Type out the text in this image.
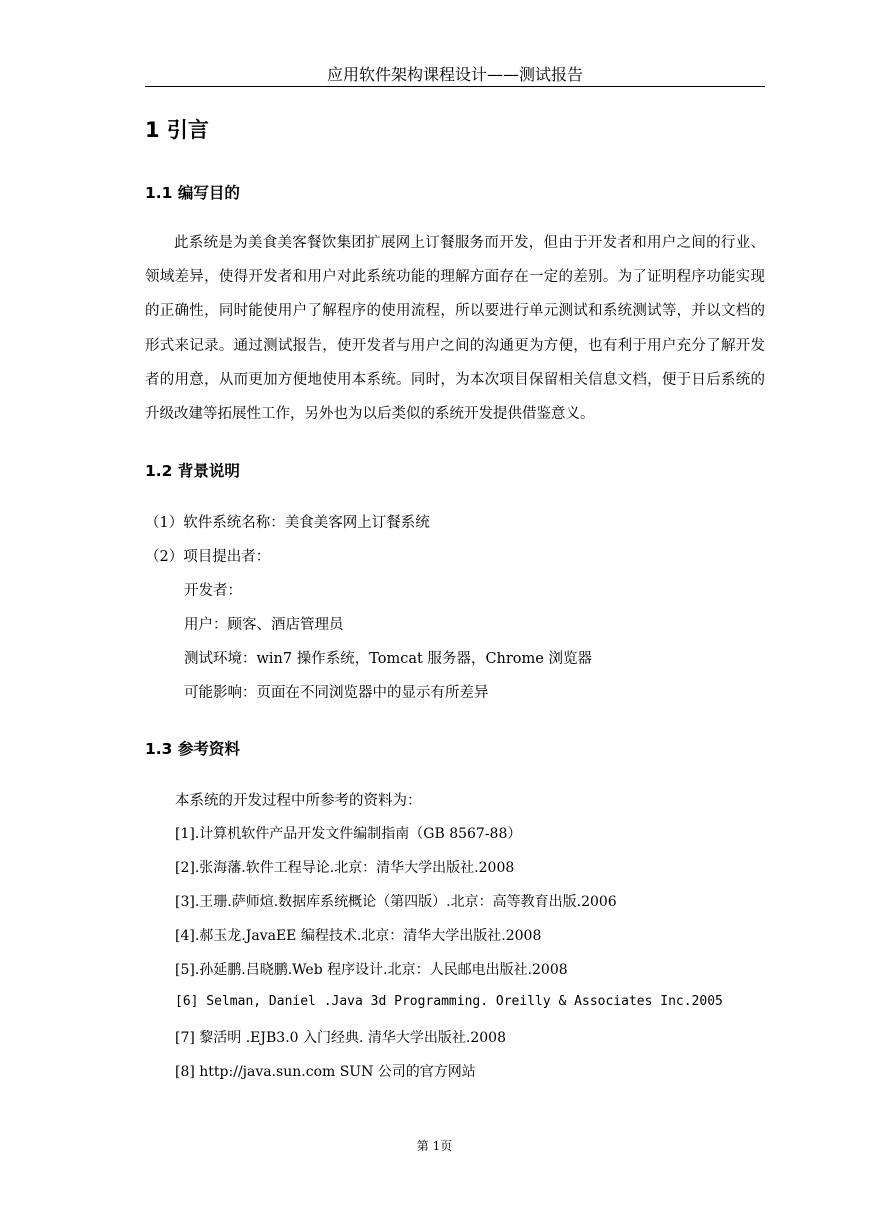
应用软件架构课程设计——测试报告
1 引言
1.1 编写目的
此系统是为美食美客餐饮集团扩展网上订餐服务而开发，但由于开发者和用户之间的行业、领域差异，使得开发者和用户对此系统功能的理解方面存在一定的差别。为了证明程序功能实现的正确性，同时能使用户了解程序的使用流程，所以要进行单元测试和系统测试等，并以文档的形式来记录。通过测试报告，使开发者与用户之间的沟通更为方便，也有利于用户充分了解开发者的用意，从而更加方便地使用本系统。同时，为本次项目保留相关信息文档，便于日后系统的升级改建等拓展性工作，另外也为以后类似的系统开发提供借鉴意义。
1.2 背景说明
（1）软件系统名称：美食美客网上订餐系统
（2）项目提出者：
开发者：
用户：顾客、酒店管理员
测试环境：win7 操作系统，Tomcat 服务器，Chrome 浏览器
可能影响：页面在不同浏览器中的显示有所差异
1.3 参考资料
本系统的开发过程中所参考的资料为：
[1].计算机软件产品开发文件编制指南（GB 8567-88）
[2].张海藩.软件工程导论.北京：清华大学出版社.2008
[3].王珊.萨师煊.数据库系统概论（第四版）.北京：高等教育出版.2006
[4].郝玉龙.JavaEE 编程技术.北京：清华大学出版社.2008
[5].孙延鹏.吕晓鹏.Web 程序设计.北京：人民邮电出版社.2008
[6] Selman, Daniel .Java 3d Programming. Oreilly & Associates Inc.2005
[7] 黎活明 .EJB3.0 入门经典. 清华大学出版社.2008
[8] http://java.sun.com SUN 公司的官方网站
第 1页
